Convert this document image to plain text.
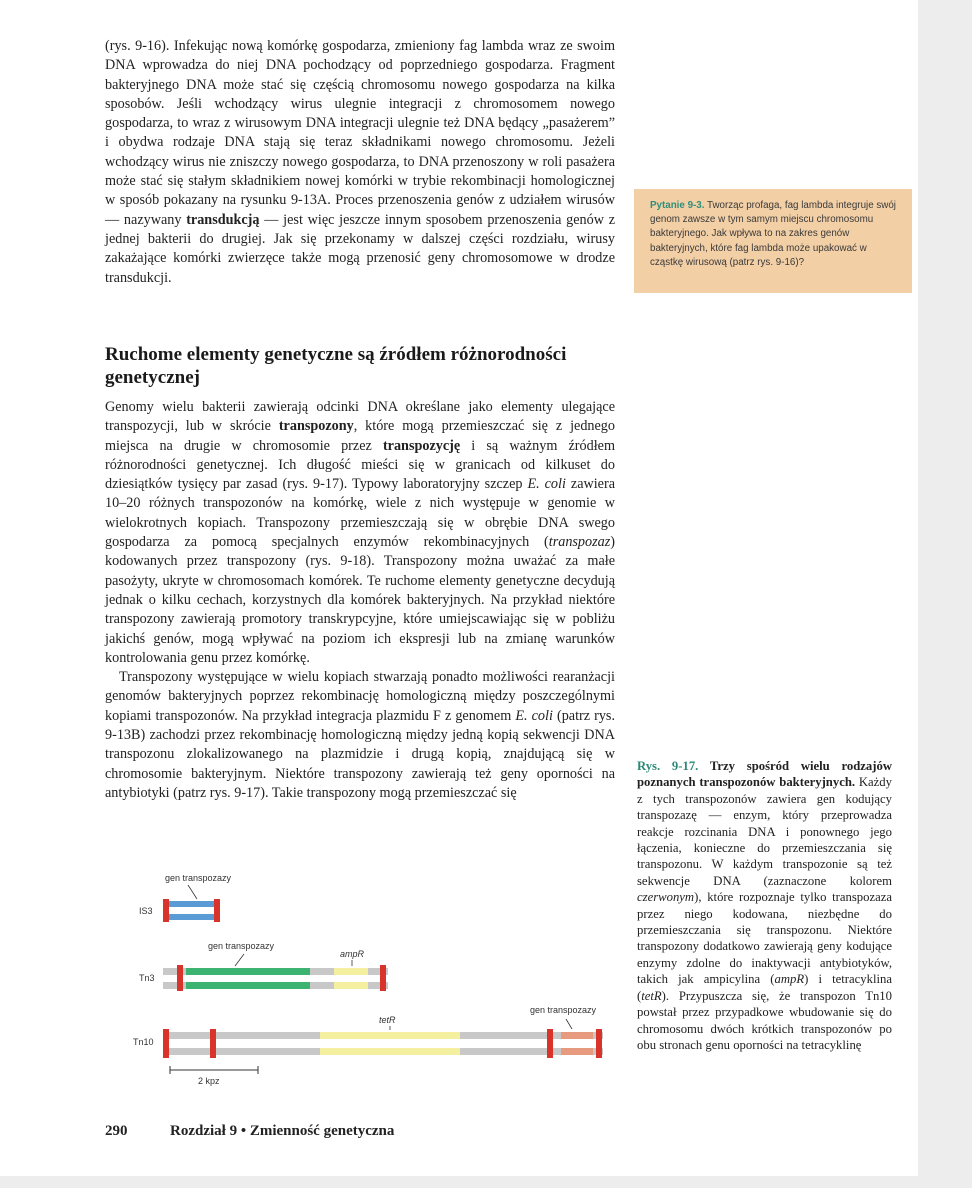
(rys. 9-16). Infekując nową komórkę gospodarza, zmieniony fag lambda wraz ze swoim DNA wprowadza do niej DNA pochodzący od poprzedniego gospodarza. Fragment bakteryjnego DNA może stać się częścią chromosomu nowego gospodarza na kilka sposobów. Jeśli wchodzący wirus ulegnie integracji z chromosomem nowego gospodarza, to wraz z wirusowym DNA integracji ulegnie też DNA będący „pasażerem” i obydwa rodzaje DNA stają się teraz składnikami nowego chromosomu. Jeżeli wchodzący wirus nie zniszczy nowego gospodarza, to DNA przenoszony w roli pasażera może stać się stałym składnikiem nowej komórki w trybie rekombinacji homologicznej w sposób pokazany na rysunku 9-13A. Proces przenoszenia genów z udziałem wirusów — nazywany transdukcją — jest więc jeszcze innym sposobem przenoszenia genów z jednej bakterii do drugiej. Jak się przekonamy w dalszej części rozdziału, wirusy zakażające komórki zwierzęce także mogą przenosić geny chromosomowe w drodze transdukcji.

Ruchome elementy genetyczne są źródłem różnorodności genetycznej

Genomy wielu bakterii zawierają odcinki DNA określane jako elementy ulegające transpozycji, lub w skrócie transpozony, które mogą przemieszczać się z jednego miejsca na drugie w chromosomie przez transpozycję i są ważnym źródłem różnorodności genetycznej. Ich długość mieści się w granicach od kilkuset do dziesiątków tysięcy par zasad (rys. 9-17). Typowy laboratoryjny szczep E. coli zawiera 10–20 różnych transpozonów na komórkę, wiele z nich występuje w genomie w wielokrotnych kopiach. Transpozony przemieszczają się w obrębie DNA swego gospodarza za pomocą specjalnych enzymów rekombinacyjnych (transpozaz) kodowanych przez transpozony (rys. 9-18). Transpozony można uważać za małe pasożyty, ukryte w chromosomach komórek. Te ruchome elementy genetyczne decydują jednak o kilku cechach, korzystnych dla komórek bakteryjnych. Na przykład niektóre transpozony zawierają promotory transkrypcyjne, które umiejscawiając się w pobliżu jakichś genów, mogą wpływać na poziom ich ekspresji lub na zmianę warunków kontrolowania genu przez komórkę.

Transpozony występujące w wielu kopiach stwarzają ponadto możliwości rearanżacji genomów bakteryjnych poprzez rekombinację homologiczną między poszczególnymi kopiami transpozonów. Na przykład integracja plazmidu F z genomem E. coli (patrz rys. 9-13B) zachodzi przez rekombinację homologiczną między jedną kopią sekwencji DNA transpozonu zlokalizowanego na plazmidzie i drugą kopią, znajdującą się w chromosomie bakteryjnym. Niektóre transpozony zawierają też geny oporności na antybiotyki (patrz rys. 9-17). Takie transpozony mogą przemieszczać się

Pytanie 9-3. Tworząc profaga, fag lambda integruje swój genom zawsze w tym samym miejscu chromosomu bakteryjnego. Jak wpływa to na zakres genów bakteryjnych, które fag lambda może upakować w cząstkę wirusową (patrz rys. 9-16)?
Rys. 9-17. Trzy spośród wielu rodzajów poznanych transpozonów bakteryjnych. Każdy z tych transpozonów zawiera gen kodujący transpozazę — enzym, który przeprowadza reakcje rozcinania DNA i ponownego jego łączenia, konieczne do przemieszczania się transpozonu. W każdym transpozonie są też sekwencje DNA (zaznaczone kolorem czerwonym), które rozpoznaje tylko transpozaza przez niego kodowana, niezbędne do przemieszczania się transpozonu. Niektóre transpozony dodatkowo zawierają geny kodujące enzymy zdolne do inaktywacji antybiotyków, takich jak ampicylina (ampR) i tetracyklina (tetR). Przypuszcza się, że transpozon Tn10 powstał przez przypadkowe wbudowanie się do chromosomu dwóch krótkich transpozonów po obu stronach genu oporności na tetracyklinę
gen transpozazy
IS3
gen transpozazy
ampR
Tn3
gen transpozazy
tetR
Tn10
2 kpz
290	Rozdział 9 • Zmienność genetyczna
